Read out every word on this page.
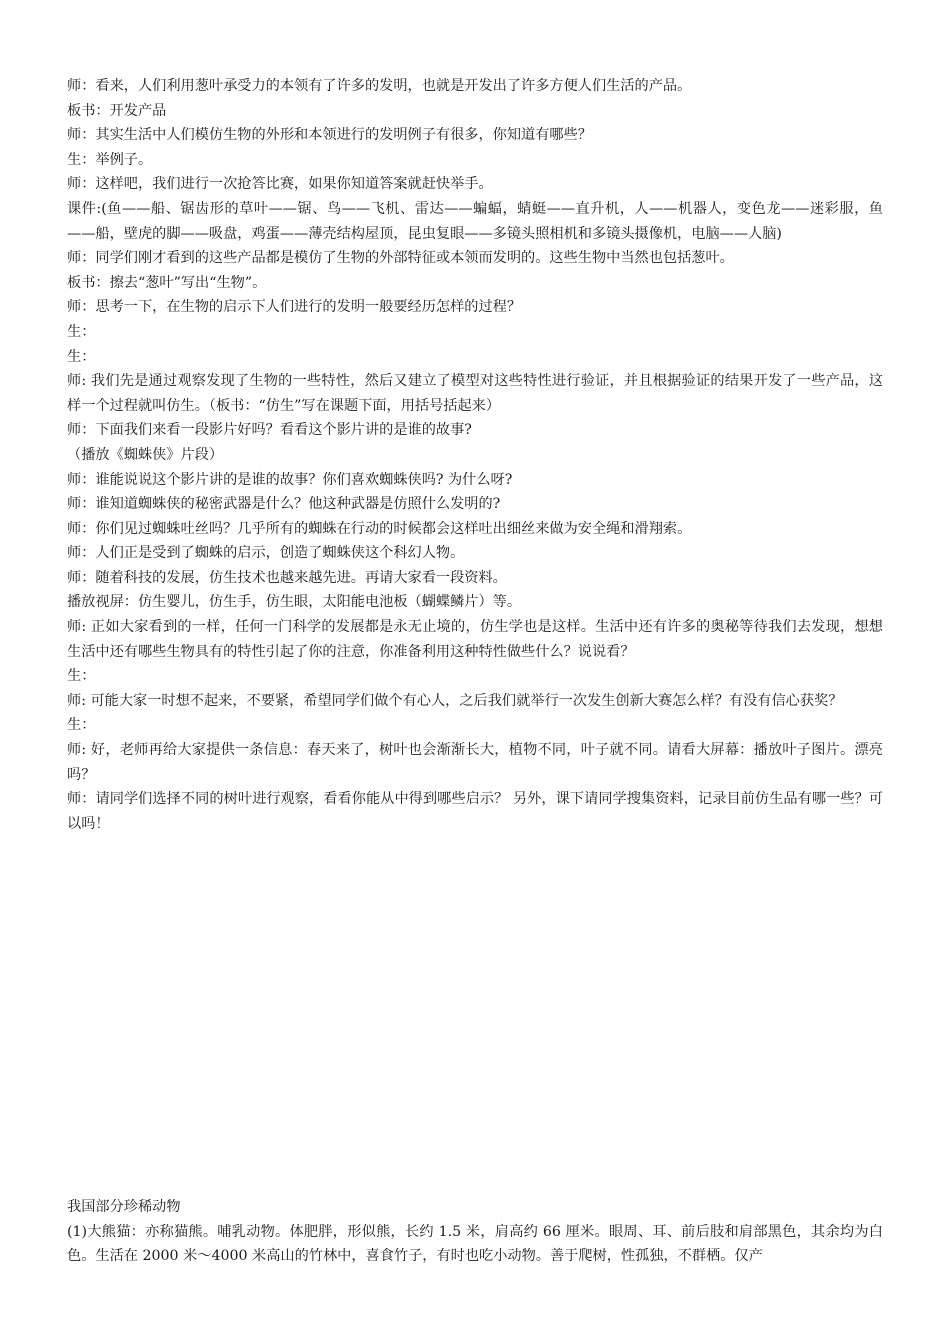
师：看来，人们利用葱叶承受力的本领有了许多的发明，也就是开发出了许多方便人们生活的产品。

板书：开发产品

师：其实生活中人们模仿生物的外形和本领进行的发明例子有很多，你知道有哪些？

生：举例子。

师：这样吧，我们进行一次抢答比赛，如果你知道答案就赶快举手。

课件:(鱼——船、锯齿形的草叶——锯、鸟——飞机、雷达——蝙蝠，蜻蜓——直升机，人——机器人，变色龙——迷彩服，鱼——船，壁虎的脚——吸盘，鸡蛋——薄壳结构屋顶，昆虫复眼——多镜头照相机和多镜头摄像机，电脑——人脑)

师：同学们刚才看到的这些产品都是模仿了生物的外部特征或本领而发明的。这些生物中当然也包括葱叶。

板书：擦去“葱叶”写出“生物”。

师：思考一下，在生物的启示下人们进行的发明一般要经历怎样的过程？

生：

生：

师: 我们先是通过观察发现了生物的一些特性，然后又建立了模型对这些特性进行验证，并且根据验证的结果开发了一些产品，这样一个过程就叫仿生。（板书：“仿生”写在课题下面，用括号括起来）

师：下面我们来看一段影片好吗？看看这个影片讲的是谁的故事?

（播放《蜘蛛侠》片段）

师：谁能说说这个影片讲的是谁的故事？你们喜欢蜘蛛侠吗? 为什么呀?

师：谁知道蜘蛛侠的秘密武器是什么？他这种武器是仿照什么发明的?

师：你们见过蜘蛛吐丝吗？几乎所有的蜘蛛在行动的时候都会这样吐出细丝来做为安全绳和滑翔索。

师：人们正是受到了蜘蛛的启示，创造了蜘蛛侠这个科幻人物。

师：随着科技的发展，仿生技术也越来越先进。再请大家看一段资料。

播放视屏：仿生婴儿，仿生手，仿生眼，太阳能电池板（蝴蝶鳞片）等。

师: 正如大家看到的一样，任何一门科学的发展都是永无止境的，仿生学也是这样。生活中还有许多的奥秘等待我们去发现，想想生活中还有哪些生物具有的特性引起了你的注意，你准备利用这种特性做些什么？说说看？

生：

师: 可能大家一时想不起来，不要紧，希望同学们做个有心人，之后我们就举行一次发生创新大赛怎么样？有没有信心获奖？

生：

师: 好，老师再给大家提供一条信息：春天来了，树叶也会渐渐长大，植物不同，叶子就不同。请看大屏幕：播放叶子图片。漂亮吗？

师：请同学们选择不同的树叶进行观察，看看你能从中得到哪些启示？ 另外，课下请同学搜集资料，记录目前仿生品有哪一些？可以吗！

我国部分珍稀动物

(1)大熊猫：亦称猫熊。哺乳动物。体肥胖，形似熊，长约 1.5 米，肩高约 66 厘米。眼周、耳、前后肢和肩部黑色，其余均为白色。生活在 2000 米～4000 米高山的竹林中，喜食竹子，有时也吃小动物。善于爬树，性孤独，不群栖。仅产
